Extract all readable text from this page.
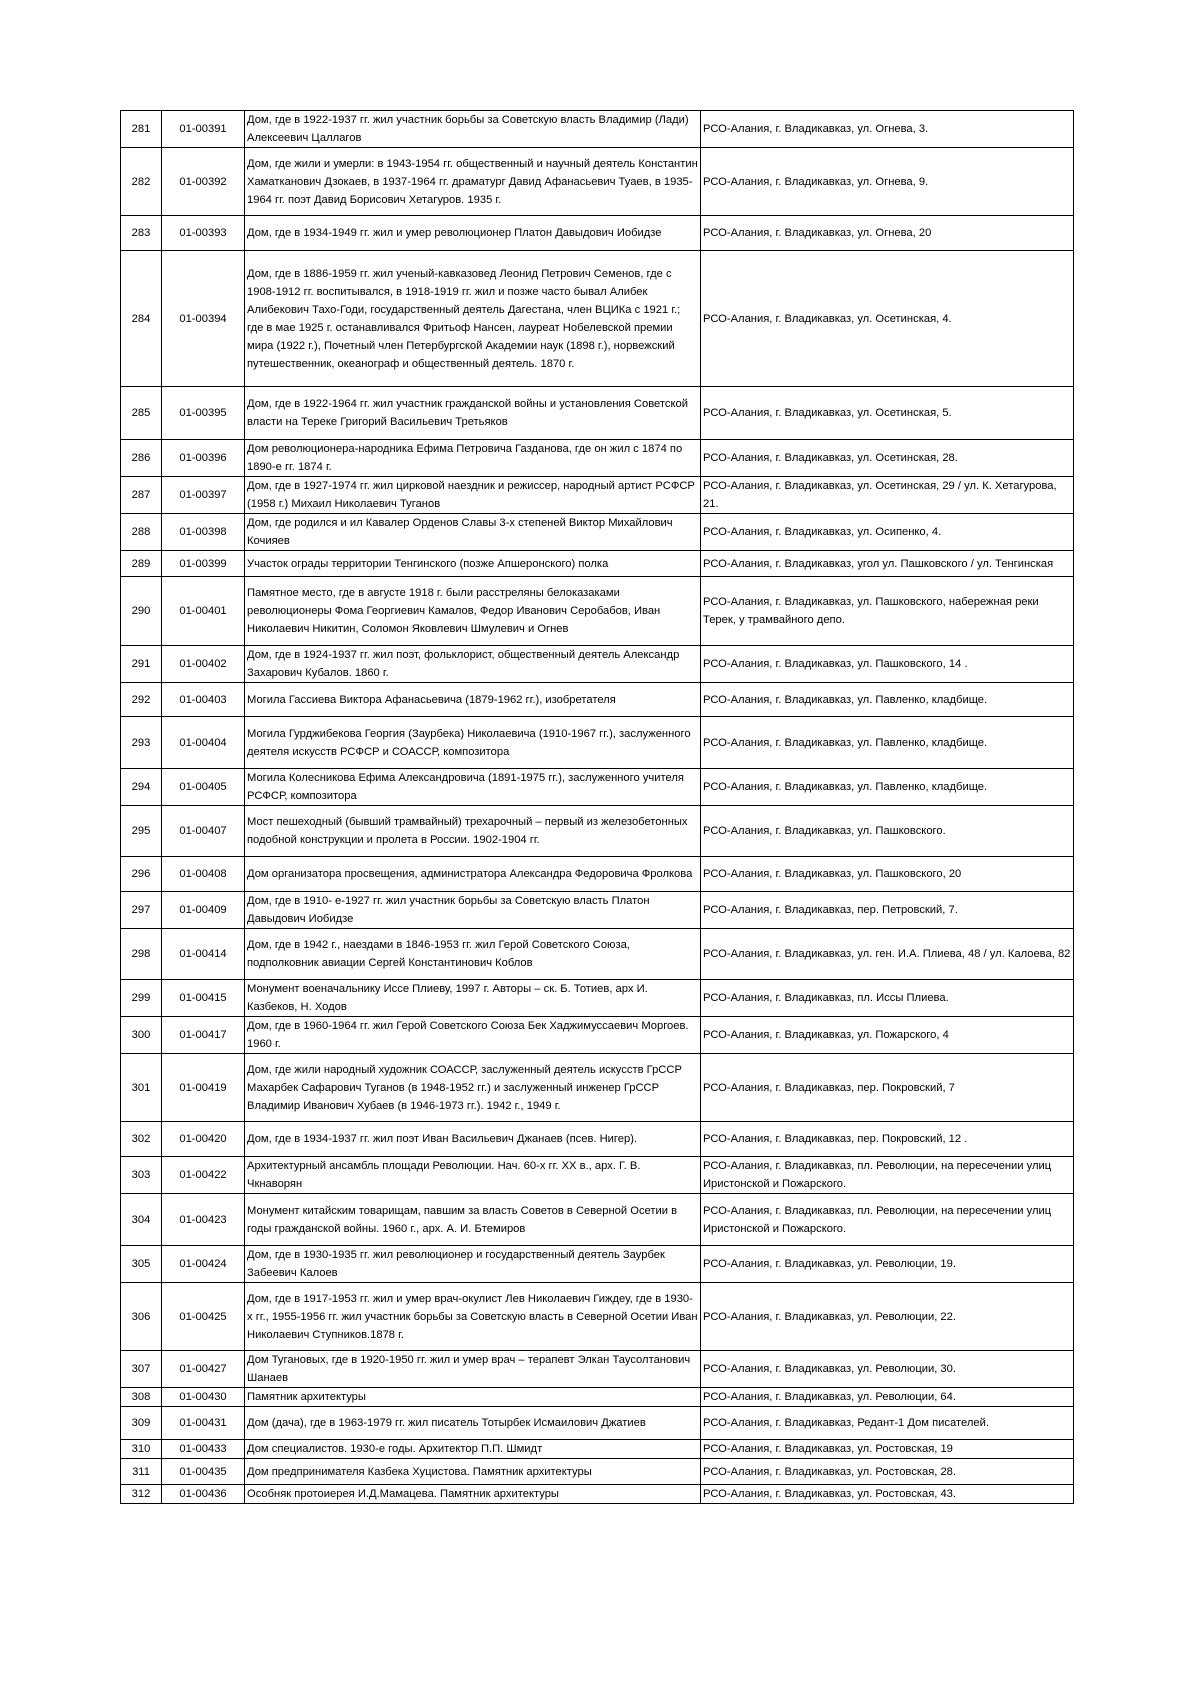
281	01-00391	Дом, где в 1922-1937 гг. жил участник борьбы за Советскую власть Владимир (Лади) Алексеевич Цаллагов	РСО-Алания, г. Владикавказ, ул. Огнева, 3.
282	01-00392	Дом, где жили и умерли: в 1943-1954 гг. общественный и научный деятель Константин Хаматканович Дзокаев, в 1937-1964 гг. драматург Давид Афанасьевич Туаев, в 1935-1964 гг. поэт Давид Борисович Хетагуров. 1935 г.	РСО-Алания, г. Владикавказ, ул. Огнева, 9.
283	01-00393	Дом, где в 1934-1949 гг. жил и умер революционер Платон Давыдович Иобидзе	РСО-Алания, г. Владикавказ, ул. Огнева, 20
284	01-00394	Дом, где в 1886-1959 гг. жил ученый-кавказовед Леонид Петрович Семенов, где с 1908-1912 гг. воспитывался, в 1918-1919 гг. жил и позже часто бывал Алибек Алибекович Тахо-Годи, государственный деятель Дагестана, член ВЦИКа с 1921 г.; где в мае 1925 г. останавливался Фритьоф Нансен, лауреат Нобелевской премии мира (1922 г.), Почетный член Петербургской Академии наук (1898 г.), норвежский путешественник, океанограф и общественный деятель. 1870 г.	РСО-Алания, г. Владикавказ, ул. Осетинская, 4.
285	01-00395	Дом, где в 1922-1964 гг. жил участник гражданской войны и установления Советской власти на Тереке Григорий Васильевич Третьяков	РСО-Алания, г. Владикавказ, ул. Осетинская, 5.
286	01-00396	Дом революционера-народника Ефима Петровича Газданова, где он жил с 1874 по 1890-е гг. 1874 г.	РСО-Алания, г. Владикавказ, ул. Осетинская, 28.
287	01-00397	Дом, где в 1927-1974 гг. жил цирковой наездник и режиссер, народный артист РСФСР (1958 г.) Михаил Николаевич Туганов	РСО-Алания, г. Владикавказ, ул. Осетинская, 29 / ул. К. Хетагурова, 21.
288	01-00398	Дом, где родился и ил Кавалер Орденов Славы 3-х степеней Виктор Михайлович Кочияев	РСО-Алания, г. Владикавказ, ул. Осипенко, 4.
289	01-00399	Участок ограды территории Тенгинского (позже Апшеронского) полка	РСО-Алания, г. Владикавказ, угол ул. Пашковского / ул. Тенгинская
290	01-00401	Памятное место, где в августе 1918 г. были расстреляны белоказаками революционеры Фома Георгиевич Камалов, Федор Иванович Серобабов, Иван Николаевич Никитин, Соломон Яковлевич Шмулевич и Огнев	РСО-Алания, г. Владикавказ, ул. Пашковского, набережная реки Терек, у трамвайного депо.
291	01-00402	Дом, где в 1924-1937 гг. жил поэт, фольклорист, общественный деятель Александр Захарович Кубалов. 1860 г.	РСО-Алания, г. Владикавказ, ул. Пашковского, 14 .
292	01-00403	Могила Гассиева Виктора Афанасьевича (1879-1962 гг.), изобретателя	РСО-Алания, г. Владикавказ, ул. Павленко, кладбище.
293	01-00404	Могила Гурджибекова Георгия (Заурбека) Николаевича (1910-1967 гг.), заслуженного деятеля искусств РСФСР и СОАССР, композитора	РСО-Алания, г. Владикавказ, ул. Павленко, кладбище.
294	01-00405	Могила Колесникова Ефима Александровича (1891-1975 гг.), заслуженного учителя РСФСР, композитора	РСО-Алания, г. Владикавказ, ул. Павленко, кладбище.
295	01-00407	Мост пешеходный (бывший трамвайный) трехарочный – первый из железобетонных подобной конструкции и пролета в России. 1902-1904 гг.	РСО-Алания, г. Владикавказ, ул. Пашковского.
296	01-00408	Дом организатора просвещения, администратора Александра Федоровича Фролкова	РСО-Алания, г. Владикавказ, ул. Пашковского, 20
297	01-00409	Дом, где в 1910- е-1927 гг. жил участник борьбы за Советскую власть Платон Давыдович Иобидзе	РСО-Алания, г. Владикавказ, пер. Петровский, 7.
298	01-00414	Дом, где в 1942 г., наездами в 1846-1953 гг. жил Герой Советского Союза, подполковник авиации Сергей Константинович Коблов	РСО-Алания, г. Владикавказ, ул. ген. И.А. Плиева, 48 / ул. Калоева, 82
299	01-00415	Монумент военачальнику Иссе Плиеву, 1997 г. Авторы – ск. Б. Тотиев, арх И. Казбеков, Н. Ходов	РСО-Алания, г. Владикавказ, пл. Иссы Плиева.
300	01-00417	Дом, где в 1960-1964 гг. жил Герой Советского Союза Бек Хаджимуссаевич Моргоев. 1960 г.	РСО-Алания, г. Владикавказ, ул. Пожарского, 4
301	01-00419	Дом, где жили народный художник СОАССР, заслуженный деятель искусств ГрССР Махарбек Сафарович Туганов (в 1948-1952 гг.) и заслуженный инженер ГрССР Владимир Иванович Хубаев (в 1946-1973 гг.). 1942 г., 1949 г.	РСО-Алания, г. Владикавказ, пер. Покровский, 7
302	01-00420	Дом, где в 1934-1937 гг. жил поэт Иван Васильевич Джанаев (псев. Нигер).	РСО-Алания, г. Владикавказ, пер. Покровский, 12 .
303	01-00422	Архитектурный ансамбль площади Революции. Нач. 60-х гг. XX в., арх. Г. В. Чкнаворян	РСО-Алания, г. Владикавказ, пл. Революции, на пересечении улиц Иристонской и Пожарского.
304	01-00423	Монумент китайским товарищам, павшим за власть Советов в Северной Осетии в годы гражданской войны. 1960 г., арх. А. И. Бтемиров	РСО-Алания, г. Владикавказ, пл. Революции, на пересечении улиц Иристонской и Пожарского.
305	01-00424	Дом, где в 1930-1935 гг. жил революционер и государственный деятель Заурбек Забеевич Калоев	РСО-Алания, г. Владикавказ, ул. Революции, 19.
306	01-00425	Дом, где в 1917-1953 гг. жил и умер врач-окулист Лев Николаевич Гиждеу, где в 1930-х гг., 1955-1956 гг. жил участник борьбы за Советскую власть в Северной Осетии Иван Николаевич Ступников.1878 г.	РСО-Алания, г. Владикавказ, ул. Революции, 22.
307	01-00427	Дом Тугановых, где в 1920-1950 гг. жил и умер врач – терапевт Элкан Таусолтанович Шанаев	РСО-Алания, г. Владикавказ, ул. Революции, 30.
308	01-00430	Памятник архитектуры	РСО-Алания, г. Владикавказ, ул. Революции, 64.
309	01-00431	Дом (дача), где в 1963-1979 гг. жил писатель Тотырбек Исмаилович Джатиев	РСО-Алания, г. Владикавказ, Редант-1 Дом писателей.
310	01-00433	Дом специалистов. 1930-е годы. Архитектор П.П. Шмидт	РСО-Алания, г. Владикавказ, ул. Ростовская, 19
311	01-00435	Дом предпринимателя Казбека Хуцистова. Памятник архитектуры	РСО-Алания, г. Владикавказ, ул. Ростовская, 28.
312	01-00436	Особняк протоиерея И.Д.Мамацева. Памятник архитектуры	РСО-Алания, г. Владикавказ, ул. Ростовская, 43.
